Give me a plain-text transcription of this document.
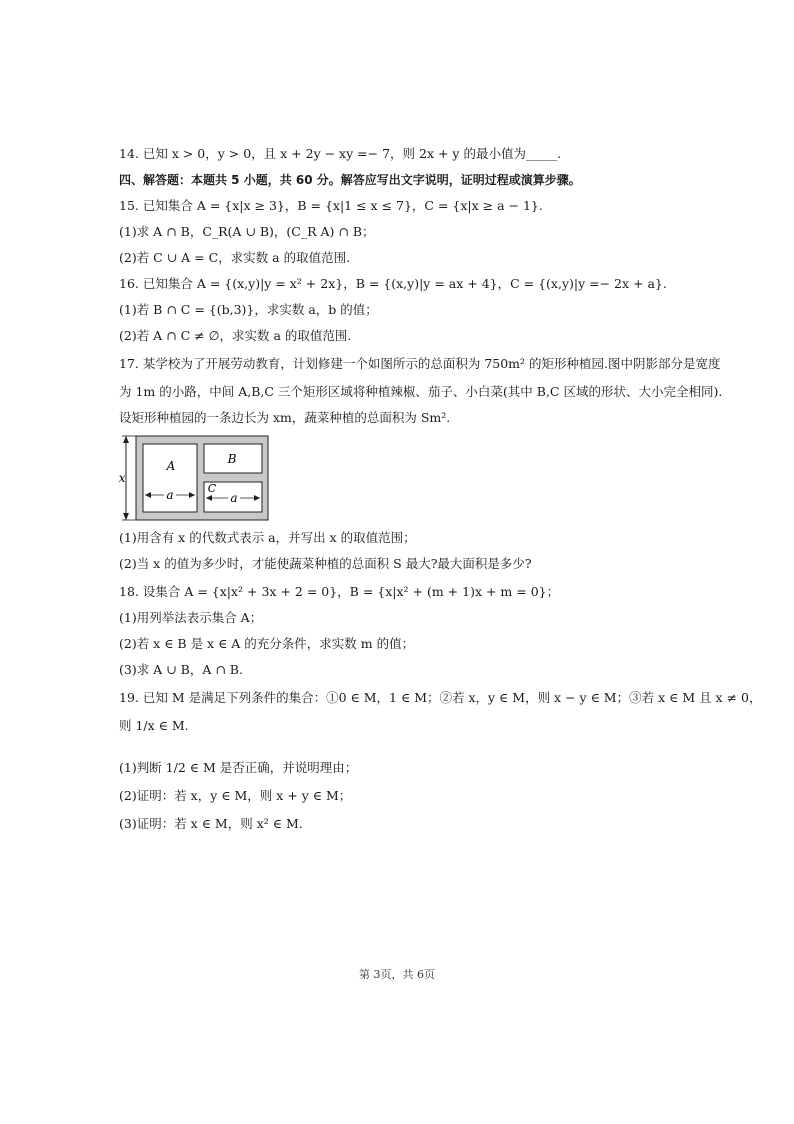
14. 已知 x > 0，y > 0，且 x + 2y − xy =− 7，则 2x + y 的最小值为_____.
四、解答题：本题共 5 小题，共 60 分。解答应写出文字说明，证明过程或演算步骤。
15. 已知集合 A = {x|x ≥ 3}，B = {x|1 ≤ x ≤ 7}，C = {x|x ≥ a − 1}.
(1)求 A ∩ B，C_R(A ∪ B)，(C_R A) ∩ B；
(2)若 C ∪ A = C，求实数 a 的取值范围.
16. 已知集合 A = {(x,y)|y = x² + 2x}，B = {(x,y)|y = ax + 4}，C = {(x,y)|y =− 2x + a}.
(1)若 B ∩ C = {(b,3)}，求实数 a，b 的值；
(2)若 A ∩ C ≠ ∅，求实数 a 的取值范围.
17. 某学校为了开展劳动教育，计划修建一个如图所示的总面积为 750m² 的矩形种植园.图中阴影部分是宽度
为 1m 的小路，中间 A,B,C 三个矩形区域将种植辣椒、茄子、小白菜(其中 B,C 区域的形状、大小完全相同).
设矩形种植园的一条边长为 xm，蔬菜种植的总面积为 Sm².
x
A
a
B
C
a
(1)用含有 x 的代数式表示 a，并写出 x 的取值范围；
(2)当 x 的值为多少时，才能使蔬菜种植的总面积 S 最大?最大面积是多少?
18. 设集合 A = {x|x² + 3x + 2 = 0}，B = {x|x² + (m + 1)x + m = 0}；
(1)用列举法表示集合 A；
(2)若 x ∈ B 是 x ∈ A 的充分条件，求实数 m 的值；
(3)求 A ∪ B，A ∩ B.
19. 已知 M 是满足下列条件的集合：①0 ∈ M，1 ∈ M；②若 x，y ∈ M，则 x − y ∈ M；③若 x ∈ M 且 x ≠ 0，
则 1/x ∈ M.
(1)判断 1/2 ∈ M 是否正确，并说明理由；
(2)证明：若 x，y ∈ M，则 x + y ∈ M；
(3)证明：若 x ∈ M，则 x² ∈ M.
第 3页，共 6页
